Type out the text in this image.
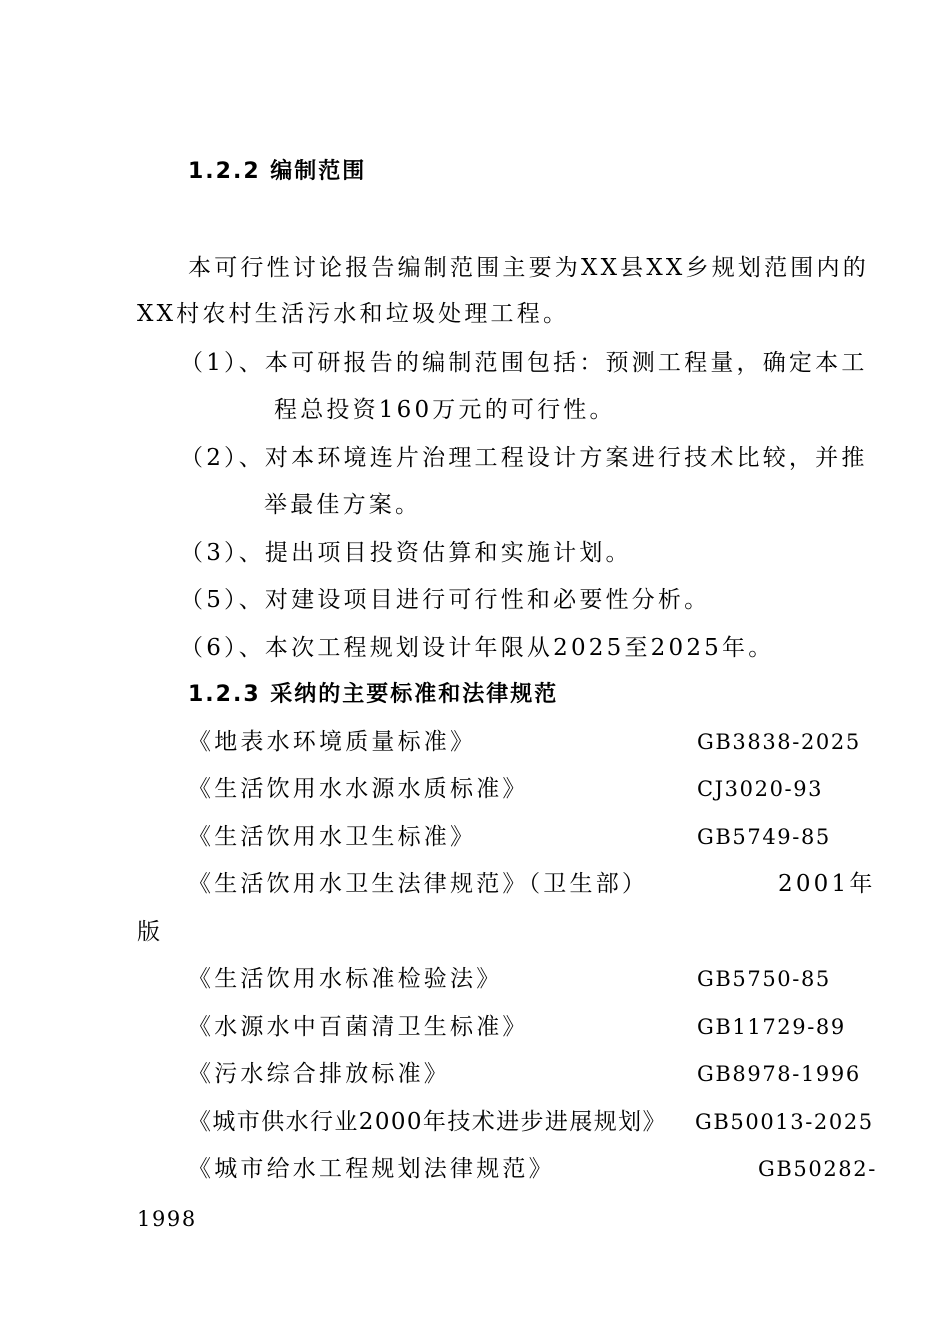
1.2.2 编制范围
本可行性讨论报告编制范围主要为XX县XX乡规划范围内的
XX村农村生活污水和垃圾处理工程。
（1）、本可研报告的编制范围包括：预测工程量，确定本工
程总投资160万元的可行性。
（2）、对本环境连片治理工程设计方案进行技术比较，并推
举最佳方案。
（3）、提出项目投资估算和实施计划。
（5）、对建设项目进行可行性和必要性分析。
（6）、本次工程规划设计年限从2025至2025年。
1.2.3 采纳的主要标准和法律规范
《地表水环境质量标准》	GB3838-2025
《生活饮用水水源水质标准》	CJ3020-93
《生活饮用水卫生标准》	GB5749-85
《生活饮用水卫生法律规范》（卫生部）	2001年
版
《生活饮用水标准检验法》	GB5750-85
《水源水中百菌清卫生标准》	GB11729-89
《污水综合排放标准》	GB8978-1996
《城市供水行业2000年技术进步进展规划》 GB50013-2025
《城市给水工程规划法律规范》	GB50282-
1998
